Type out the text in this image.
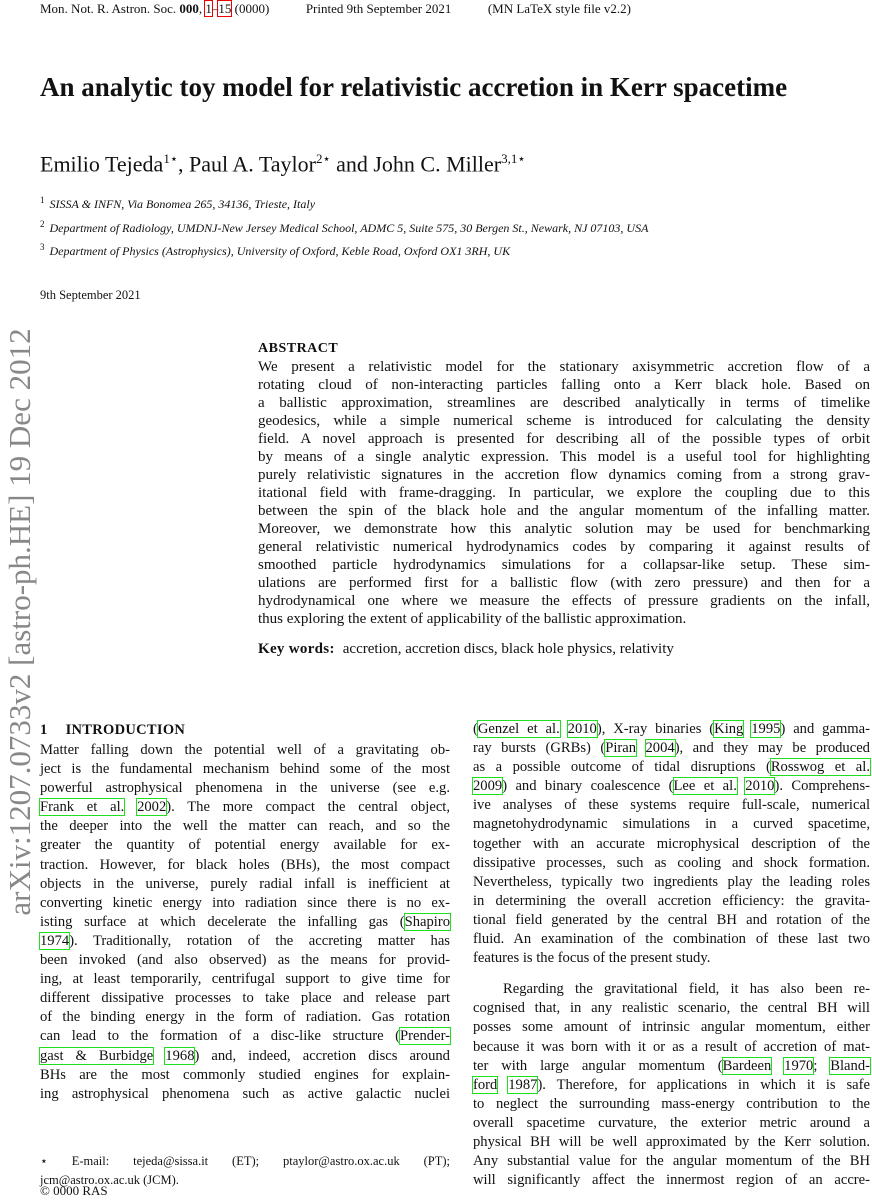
Mon. Not. R. Astron. Soc. 000, 1–15 (0000)	Printed 9th September 2021	(MN LaTeX style file v2.2)
An analytic toy model for relativistic accretion in Kerr spacetime
Emilio Tejeda$^{1⋆}$, Paul A. Taylor$^{2⋆}$ and John C. Miller$^{3,1⋆}$
$^1$ SISSA & INFN, Via Bonomea 265, 34136, Trieste, Italy
$^2$ Department of Radiology, UMDNJ-New Jersey Medical School, ADMC 5, Suite 575, 30 Bergen St., Newark, NJ 07103, USA
$^3$ Department of Physics (Astrophysics), University of Oxford, Keble Road, Oxford OX1 3RH, UK
9th September 2021
arXiv:1207.0733v2 [astro-ph.HE] 19 Dec 2012	ABSTRACT
We present a relativistic model for the stationary axisymmetric accretion flow of a
rotating cloud of non-interacting particles falling onto a Kerr black hole. Based on
a ballistic approximation, streamlines are described analytically in terms of timelike
geodesics, while a simple numerical scheme is introduced for calculating the density
field. A novel approach is presented for describing all of the possible types of orbit
by means of a single analytic expression. This model is a useful tool for highlighting
purely relativistic signatures in the accretion flow dynamics coming from a strong grav-
itational field with frame-dragging. In particular, we explore the coupling due to this
between the spin of the black hole and the angular momentum of the infalling matter.
Moreover, we demonstrate how this analytic solution may be used for benchmarking
general relativistic numerical hydrodynamics codes by comparing it against results of
smoothed particle hydrodynamics simulations for a collapsar-like setup. These sim-
ulations are performed first for a ballistic flow (with zero pressure) and then for a
hydrodynamical one where we measure the effects of pressure gradients on the infall,
thus exploring the extent of applicability of the ballistic approximation.
Key words: accretion, accretion discs, black hole physics, relativity
1 INTRODUCTION
Matter falling down the potential well of a gravitating ob-
ject is the fundamental mechanism behind some of the most
powerful astrophysical phenomena in the universe (see e.g.
Frank et al. 2002). The more compact the central object,
the deeper into the well the matter can reach, and so the
greater the quantity of potential energy available for ex-
traction. However, for black holes (BHs), the most compact
objects in the universe, purely radial infall is inefficient at
converting kinetic energy into radiation since there is no ex-
isting surface at which decelerate the infalling gas (Shapiro
1974). Traditionally, rotation of the accreting matter has
been invoked (and also observed) as the means for provid-
ing, at least temporarily, centrifugal support to give time for
different dissipative processes to take place and release part
of the binding energy in the form of radiation. Gas rotation
can lead to the formation of a disc-like structure (Prender-
gast & Burbidge 1968) and, indeed, accretion discs around
BHs are the most commonly studied engines for explain-
ing astrophysical phenomena such as active galactic nuclei
(Genzel et al. 2010), X-ray binaries (King 1995) and gamma-
ray bursts (GRBs) (Piran 2004), and they may be produced
as a possible outcome of tidal disruptions (Rosswog et al.
2009) and binary coalescence (Lee et al. 2010). Comprehens-
ive analyses of these systems require full-scale, numerical
magnetohydrodynamic simulations in a curved spacetime,
together with an accurate microphysical description of the
dissipative processes, such as cooling and shock formation.
Nevertheless, typically two ingredients play the leading roles
in determining the overall accretion efficiency: the gravita-
tional field generated by the central BH and rotation of the
fluid. An examination of the combination of these last two
features is the focus of the present study.
Regarding the gravitational field, it has also been re-
cognised that, in any realistic scenario, the central BH will
posses some amount of intrinsic angular momentum, either
because it was born with it or as a result of accretion of mat-
ter with large angular momentum (Bardeen 1970; Bland-
ford 1987). Therefore, for applications in which it is safe
to neglect the surrounding mass-energy contribution to the
overall spacetime curvature, the exterior metric around a
physical BH will be well approximated by the Kerr solution.
Any substantial value for the angular momentum of the BH
will significantly affect the innermost region of an accre-
⋆ E-mail: tejeda@sissa.it (ET); ptaylor@astro.ox.ac.uk (PT);
jcm@astro.ox.ac.uk (JCM).
© 0000 RAS
